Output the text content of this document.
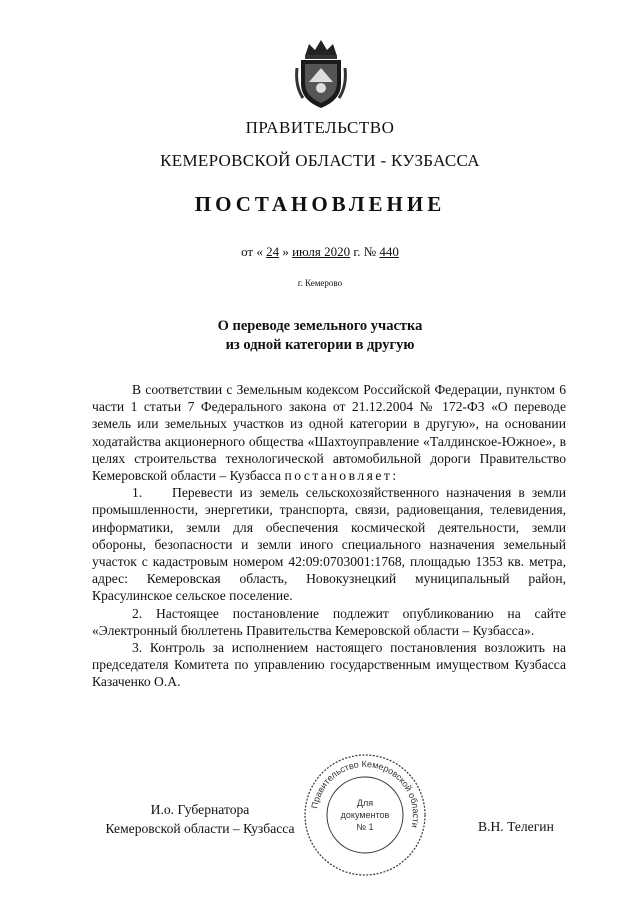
ПРАВИТЕЛЬСТВО
КЕМЕРОВСКОЙ ОБЛАСТИ - КУЗБАССА
ПОСТАНОВЛЕНИЕ
от « 24 » июля 2020 г. № 440
г. Кемерово
О переводе земельного участка
из одной категории в другую

В соответствии с Земельным кодексом Российской Федерации, пунктом 6 части 1 статьи 7 Федерального закона от 21.12.2004 № 172-ФЗ «О переводе земель или земельных участков из одной категории в другую», на основании ходатайства акционерного общества «Шахтоуправление «Талдинское-Южное», в целях строительства технологической автомобильной дороги Правительство Кемеровской области – Кузбасса постановляет:

1. Перевести из земель сельскохозяйственного назначения в земли промышленности, энергетики, транспорта, связи, радиовещания, телевидения, информатики, земли для обеспечения космической деятельности, земли обороны, безопасности и земли иного специального назначения земельный участок с кадастровым номером 42:09:0703001:1768, площадью 1353 кв. метра, адрес: Кемеровская область, Новокузнецкий муниципальный район, Красулинское сельское поселение.

2. Настоящее постановление подлежит опубликованию на сайте «Электронный бюллетень Правительства Кемеровской области – Кузбасса».

3. Контроль за исполнением настоящего постановления возложить на председателя Комитета по управлению государственным имуществом Кузбасса Казаченко О.А.

И.о. Губернатора
Кемеровской области – Кузбасса
Правительство Кемеровской области
Для
документов
№ 1	В.Н. Телегин
